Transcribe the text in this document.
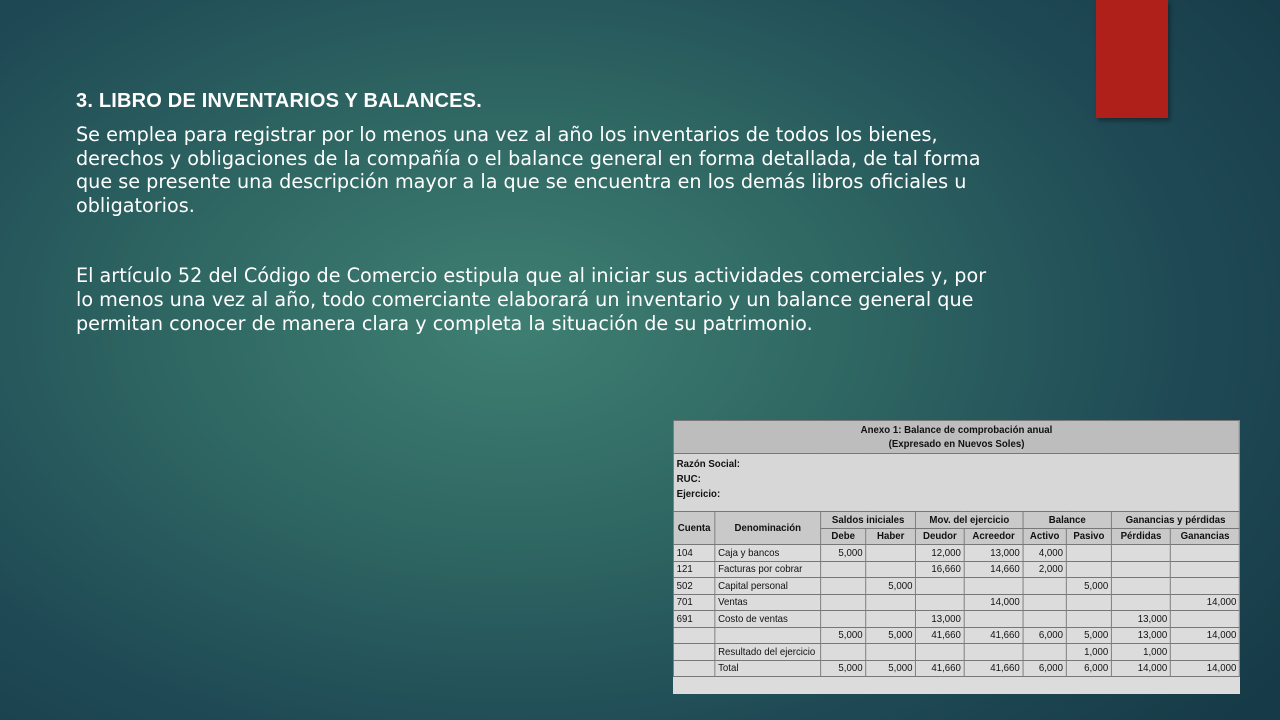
3. LIBRO DE INVENTARIOS Y BALANCES.

Se emplea para registrar por lo menos una vez al año los inventarios de todos los bienes, derechos y obligaciones de la compañía o el balance general en forma detallada, de tal forma que se presente una descripción mayor a la que se encuentra en los demás libros oficiales u obligatorios.

El artículo 52 del Código de Comercio estipula que al iniciar sus actividades comerciales y, por lo menos una vez al año, todo comerciante elaborará un inventario y un balance general que permitan conocer de manera clara y completa la situación de su patrimonio.

Anexo 1: Balance de comprobación anual
(Expresado en Nuevos Soles)									

Razón Social:
RUC:
Ejercicio:									

Cuenta	Denominación	Saldos iniciales		Mov. del ejercicio		Balance		Ganancias y pérdidas	
		Debe	Haber	Deudor	Acreedor	Activo	Pasivo	Pérdidas	Ganancias
104	Caja y bancos	5,000		12,000	13,000	4,000			
121	Facturas por cobrar			16,660	14,660	2,000			
502	Capital personal		5,000				5,000		
701	Ventas				14,000				14,000
691	Costo de ventas			13,000				13,000	
		5,000	5,000	41,660	41,660	6,000	5,000	13,000	14,000
	Resultado del ejercicio						1,000	1,000	
	Total	5,000	5,000	41,660	41,660	6,000	6,000	14,000	14,000
